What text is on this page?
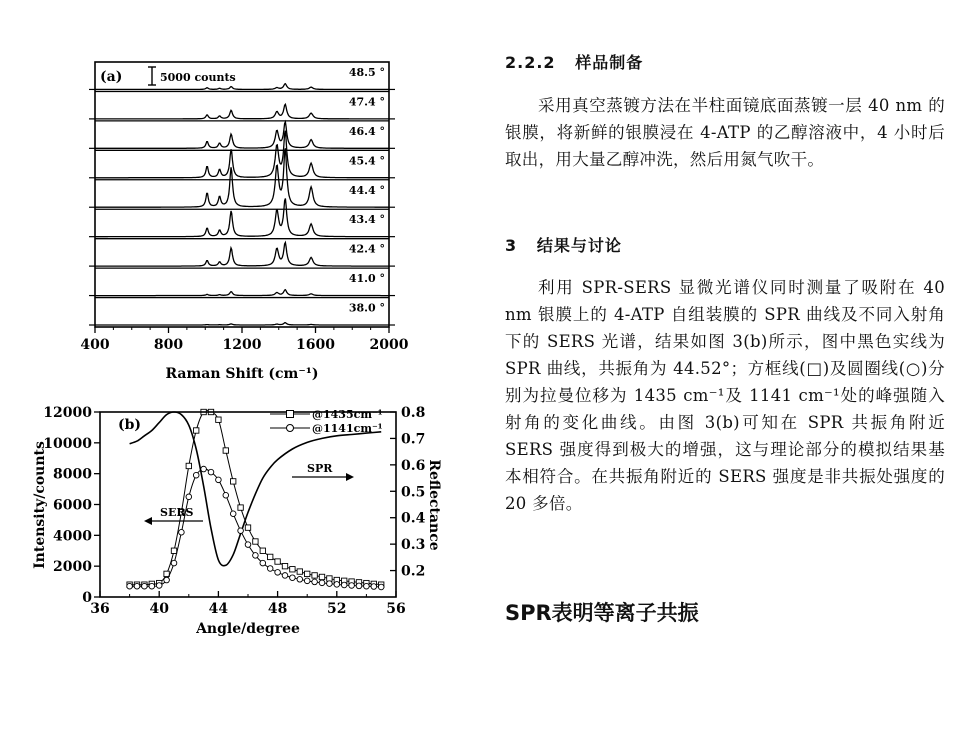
(a)	5000 counts	48.5 °
47.4 °
46.4 °
45.4 °
44.4 °
43.4 °
42.4 °
41.0 °
38.0 °
400	800	1200 1600 2000
Raman Shift (cm⁻¹)
36	40	44	48	52	56
0
2000
4000
6000
8000
10000
12000
0.2
0.3
0.4
0.5
0.6
0.7
0.8
(b)
@1435cm⁻¹
@1141cm⁻¹
SERS
SPR
Intensity/counts	Reflectance
Angle/degree
2.2.2 样品制备
采用真空蒸镀方法在半柱面镜底面蒸镀一层 40 nm 的银膜，将新鲜的银膜浸在 4-ATP 的乙醇溶液中，4 小时后取出，用大量乙醇冲洗，然后用氮气吹干。
3 结果与讨论
利用 SPR-SERS 显微光谱仪同时测量了吸附在 40 nm 银膜上的 4-ATP 自组装膜的 SPR 曲线及不同入射角下的 SERS 光谱，结果如图 3(b)所示，图中黑色实线为 SPR 曲线，共振角为 44.52°；方框线(□)及圆圈线(○)分别为拉曼位移为 1435 cm⁻¹及 1141 cm⁻¹处的峰强随入射角的变化曲线。由图 3(b)可知在 SPR 共振角附近 SERS 强度得到极大的增强，这与理论部分的模拟结果基本相符合。在共振角附近的 SERS 强度是非共振处强度的 20 多倍。
SPR表明等离子共振
